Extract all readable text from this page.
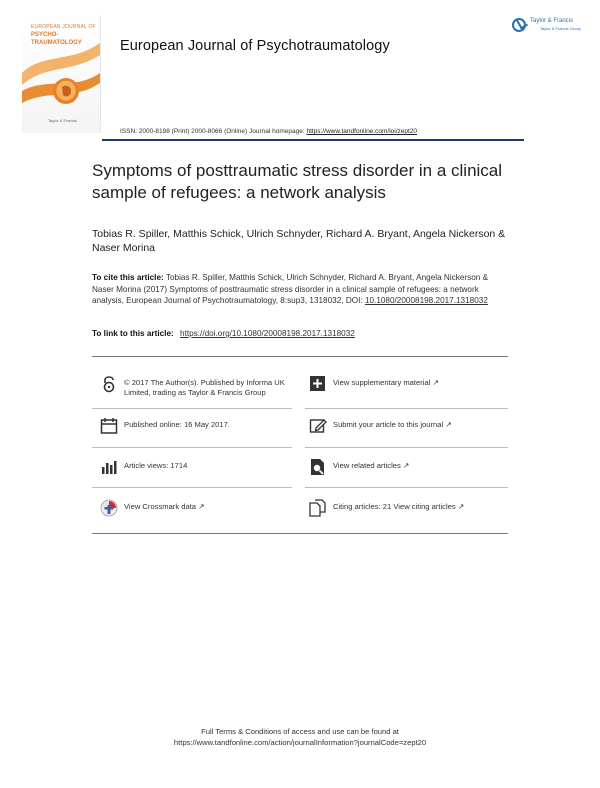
EUROPEAN JOURNAL OF
PSYCHO-
TRAUMATOLOGY
Taylor & Francis
European Journal of Psychotraumatology
Taylor & Francis
Taylor & Francis Group
ISSN: 2000-8198 (Print) 2000-8066 (Online) Journal homepage: https://www.tandfonline.com/loi/zept20
Symptoms of posttraumatic stress disorder in a clinical sample of refugees: a network analysis
Tobias R. Spiller, Matthis Schick, Ulrich Schnyder, Richard A. Bryant, Angela Nickerson & Naser Morina
To cite this article: Tobias R. Spiller, Matthis Schick, Ulrich Schnyder, Richard A. Bryant, Angela Nickerson & Naser Morina (2017) Symptoms of posttraumatic stress disorder in a clinical sample of refugees: a network analysis, European Journal of Psychotraumatology, 8:sup3, 1318032, DOI: 10.1080/20008198.2017.1318032
To link to this article: https://doi.org/10.1080/20008198.2017.1318032
© 2017 The Author(s). Published by Informa UK Limited, trading as Taylor & Francis Group
View supplementary material ↗
Published online: 16 May 2017.	Submit your article to this journal ↗
Article views: 1714	View related articles ↗
View Crossmark data ↗	Citing articles: 21 View citing articles ↗
Full Terms & Conditions of access and use can be found at
https://www.tandfonline.com/action/journalInformation?journalCode=zept20
